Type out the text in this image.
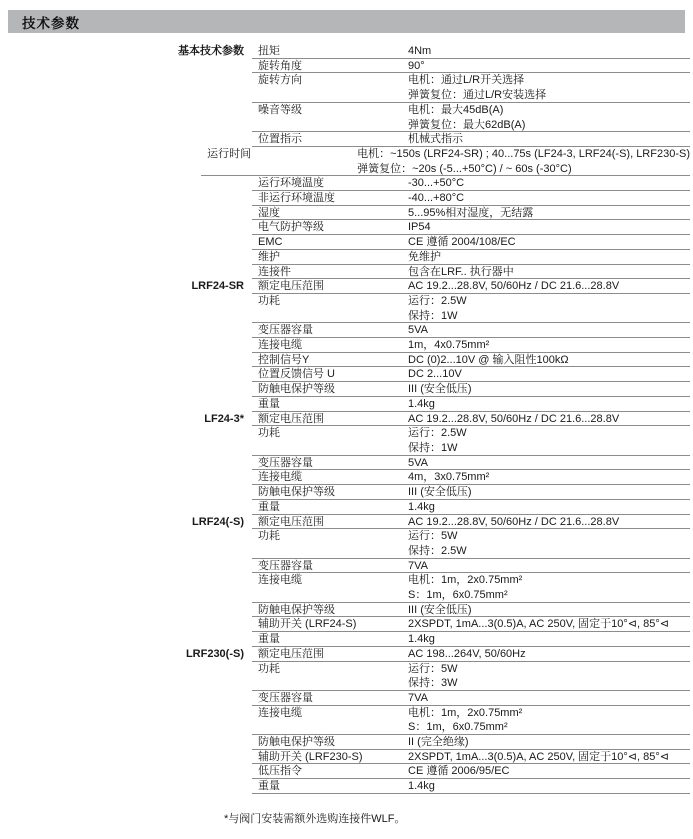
技术参数
基本技术参数	扭矩	4Nm
旋转角度	90°
旋转方向	电机：通过L/R开关选择
弹簧复位：通过L/R安装选择
噪音等级	电机：最大45dB(A)
弹簧复位：最大62dB(A)
位置指示	机械式指示
运行时间	电机：~150s (LRF24-SR) ; 40...75s (LF24-3, LRF24(-S), LRF230-S)
弹簧复位：~20s (-5...+50°C) / ~ 60s (-30°C)
运行环境温度	-30...+50°C
非运行环境温度	-40...+80°C
湿度	5...95%相对湿度，无结露
电气防护等级	IP54
EMC	CE 遵循 2004/108/EC
维护	免维护
连接件	包含在LRF.. 执行器中
LRF24-SR	额定电压范围	AC 19.2...28.8V, 50/60Hz / DC 21.6...28.8V
功耗	运行：2.5W
保持：1W
变压器容量	5VA
连接电缆	1m，4x0.75mm²
控制信号Y	DC (0)2...10V @ 输入阻性100kΩ
位置反馈信号 U	DC 2...10V
防触电保护等级	III (安全低压)
重量	1.4kg
LF24-3*	额定电压范围	AC 19.2...28.8V, 50/60Hz / DC 21.6...28.8V
功耗	运行：2.5W
保持：1W
变压器容量	5VA
连接电缆	4m，3x0.75mm²
防触电保护等级	III (安全低压)
重量	1.4kg
LRF24(-S)	额定电压范围	AC 19.2...28.8V, 50/60Hz / DC 21.6...28.8V
功耗	运行：5W
保持：2.5W
变压器容量	7VA
连接电缆	电机：1m，2x0.75mm²
S：1m，6x0.75mm²
防触电保护等级	III (安全低压)
辅助开关 (LRF24-S)	2XSPDT, 1mA...3(0.5)A, AC 250V, 固定于10°⊲, 85°⊲
重量	1.4kg
LRF230(-S)	额定电压范围	AC 198...264V, 50/60Hz
功耗	运行：5W
保持：3W
变压器容量	7VA
连接电缆	电机：1m，2x0.75mm²
S：1m，6x0.75mm²
防触电保护等级	II (完全绝缘)
辅助开关 (LRF230-S)	2XSPDT, 1mA...3(0.5)A, AC 250V, 固定于10°⊲, 85°⊲
低压指令	CE 遵循 2006/95/EC
重量	1.4kg
*与阀门安装需额外选购连接件WLF。
